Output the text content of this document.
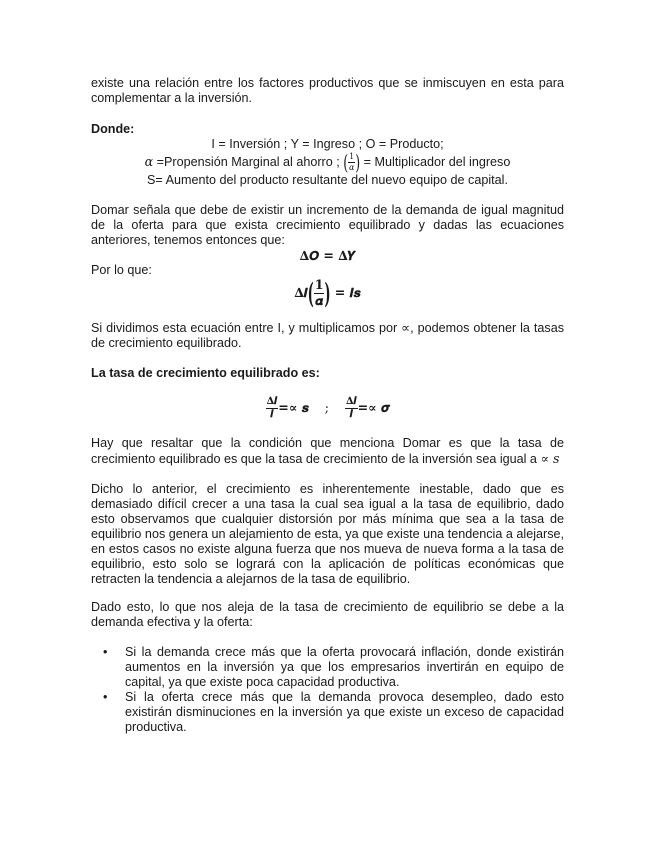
existe una relación entre los factores productivos que se inmiscuyen en esta para complementar a la inversión.

Donde:

I = Inversión ; Y = Ingreso ; O = Producto;

α =Propensión Marginal al ahorro ; ( $\frac{1}{\alpha}$ ) = Multiplicador del ingreso

S= Aumento del producto resultante del nuevo equipo de capital.

Domar señala que debe de existir un incremento de la demanda de igual magnitud de la oferta para que exista crecimiento equilibrado y dadas las ecuaciones anteriores, tenemos entonces que:

∆𝑶 = ∆𝒀

Por lo que:

∆𝑰( $\frac{𝟏}{\text{𝜶}}$ ) = 𝑰𝒔

Si dividimos esta ecuación entre I, y multiplicamos por ∝, podemos obtener la tasas de crecimiento equilibrado.

La tasa de crecimiento equilibrado es:

$\frac{\text{∆𝑰}}{\text{𝑰}}$ =∝ 𝒔 ; $\frac{\text{∆𝑰}}{\text{𝑰}}$ =∝ 𝝈

Hay que resaltar que la condición que menciona Domar es que la tasa de crecimiento equilibrado es que la tasa de crecimiento de la inversión sea igual a ∝ 𝑠

Dicho lo anterior, el crecimiento es inherentemente inestable, dado que es demasiado difícil crecer a una tasa la cual sea igual a la tasa de equilibrio, dado esto observamos que cualquier distorsión por más mínima que sea a la tasa de equilibrio nos genera un alejamiento de esta, ya que existe una tendencia a alejarse, en estos casos no existe alguna fuerza que nos mueva de nueva forma a la tasa de equilibrio, esto solo se logrará con la aplicación de políticas económicas que retracten la tendencia a alejarnos de la tasa de equilibrio.

Dado esto, lo que nos aleja de la tasa de crecimiento de equilibrio se debe a la demanda efectiva y la oferta:

• Si la demanda crece más que la oferta provocará inflación, donde existirán aumentos en la inversión ya que los empresarios invertirán en equipo de capital, ya que existe poca capacidad productiva.
• Si la oferta crece más que la demanda provoca desempleo, dado esto existirán disminuciones en la inversión ya que existe un exceso de capacidad productiva.
